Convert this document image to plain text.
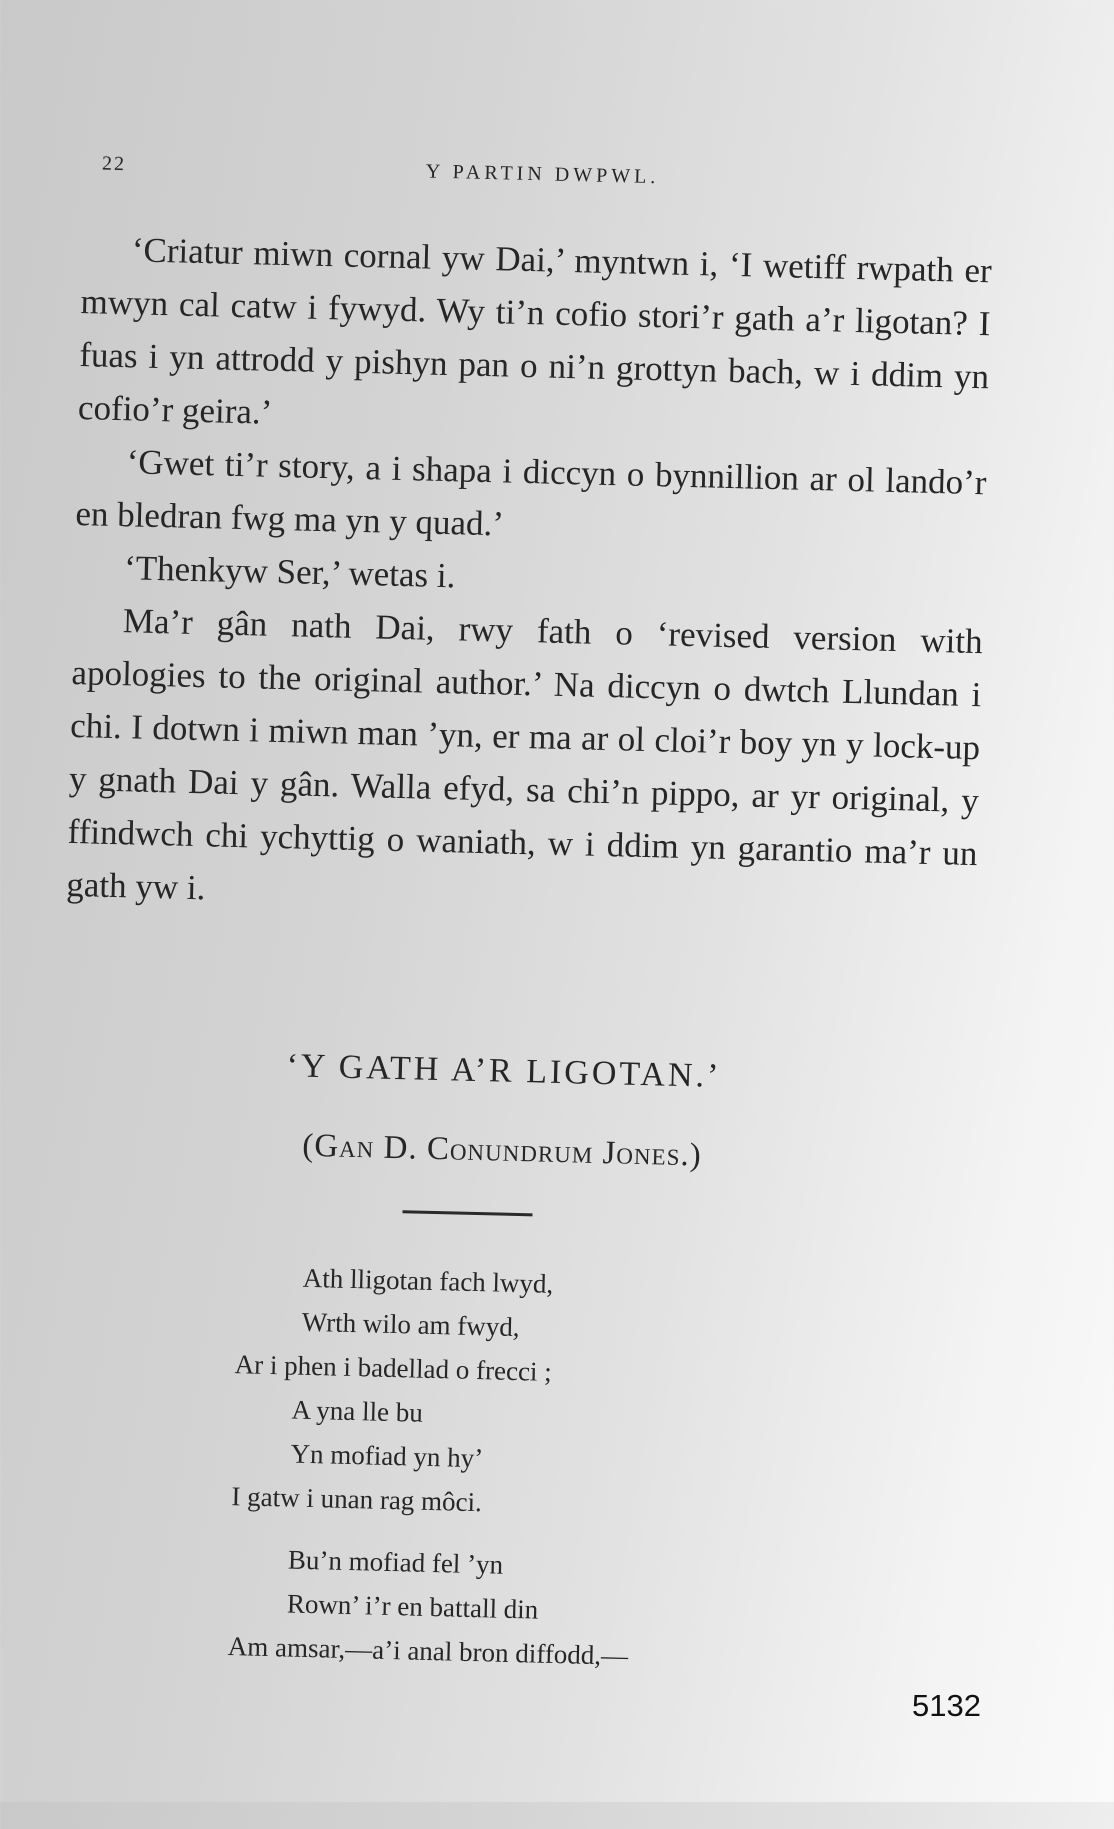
22	Y PARTIN DWPWL.

‘Criatur miwn cornal yw Dai,’ myntwn i, ‘I wetiff rwpath er mwyn cal catw i fywyd. Wy ti’n cofio stori’r gath a’r ligotan? I fuas i yn attrodd y pishyn pan o ni’n grottyn bach, w i ddim yn cofio’r geira.’

‘Gwet ti’r story, a i shapa i diccyn o bynnillion ar ol lando’r en bledran fwg ma yn y quad.’

‘Thenkyw Ser,’ wetas i.

Ma’r gân nath Dai, rwy fath o ‘revised version with apologies to the original author.’ Na diccyn o dwtch Llundan i chi. I dotwn i miwn man ’yn, er ma ar ol cloi’r boy yn y lock-up y gnath Dai y gân. Walla efyd, sa chi’n pippo, ar yr original, y ffindwch chi ychyttig o waniath, w i ddim yn garantio ma’r un gath yw i.

‘Y GATH A’R LIGOTAN.’
(Gan D. Conundrum Jones.)
Ath lligotan fach lwyd,
Wrth wilo am fwyd,
Ar i phen i badellad o frecci ;
A yna lle bu
Yn mofiad yn hy’
I gatw i unan rag môci.
Bu’n mofiad fel ’yn
Rown’ i’r en battall din
Am amsar,—a’i anal bron diffodd,—
5132
